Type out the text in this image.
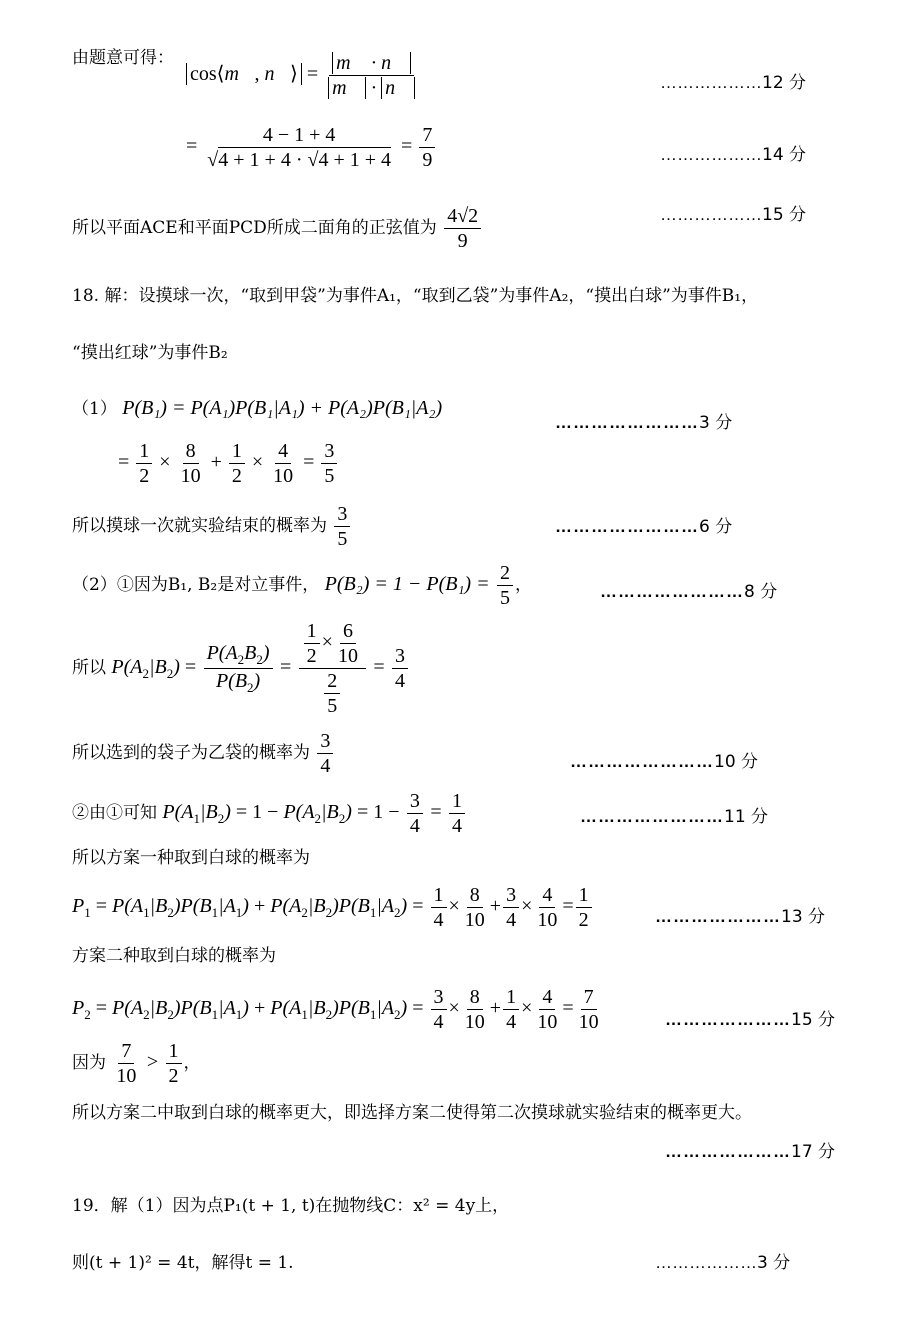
由题意可得：
cos⟨m⃗, n⃗⟩ = $\frac{m⃗ \cdot n⃗}{m⃗ \cdot n⃗}$	………………12 分
= $\frac{4 - 1 + 4}{√4 + 1 + 4 \cdot √4 + 1 + 4} = \frac{7}{9}$	………………14 分
所以平面ACE和平面PCD所成二面角的正弦值为 $\frac{4√2}{9}$	………………15 分
18. 解：设摸球一次，“取到甲袋”为事件A₁，“取到乙袋”为事件A₂，“摸出白球”为事件B₁，
“摸出红球”为事件B₂
（1） P(B₁) = P(A₁)P(B₁|A₁) + P(A₂)P(B₁|A₂)
……………………3 分
= $\frac{1}{2} \times \frac{8}{10} + \frac{1}{2} \times \frac{4}{10} = \frac{3}{5}$
所以摸球一次就实验结束的概率为 $\frac{3}{5}$	……………………6 分
（2）①因为B₁, B₂是对立事件， $P(B_2) = 1 - P(B_1) = \frac{2}{5}$ ，	……………………8 分
所以 $P(A_2|B_2) = \frac{P(A_2B_2)}{P(B_2)} = \frac{\frac{1}{2} \times \frac{6}{10}}{\frac{2}{5}} = \frac{3}{4}$
所以选到的袋子为乙袋的概率为 $\frac{3}{4}$	……………………10 分
②由①可知 $P(A_1|B_2) = 1 - P(A_2|B_2) = 1 - \frac{3}{4} = \frac{1}{4}$	……………………11 分
所以方案一种取到白球的概率为
$P_1 = P(A_1|B_2)P(B_1|A_1) + P(A_2|B_2)P(B_1|A_2) = \frac{1}{4} \times \frac{8}{10} + \frac{3}{4} \times \frac{4}{10} = \frac{1}{2}$	…………………13 分
方案二种取到白球的概率为
$P_2 = P(A_2|B_2)P(B_1|A_1) + P(A_1|B_2)P(B_1|A_2) = \frac{3}{4} \times \frac{8}{10} + \frac{1}{4} \times \frac{4}{10} = \frac{7}{10}$	…………………15 分
因为 $\frac{7}{10} > \frac{1}{2}$ ，
所以方案二中取到白球的概率更大，即选择方案二使得第二次摸球就实验结束的概率更大。
…………………17 分
19．解（1）因为点P₁(t + 1, t)在抛物线C：x² = 4y上，
则(t + 1)² = 4t，解得t = 1.	………………3 分
